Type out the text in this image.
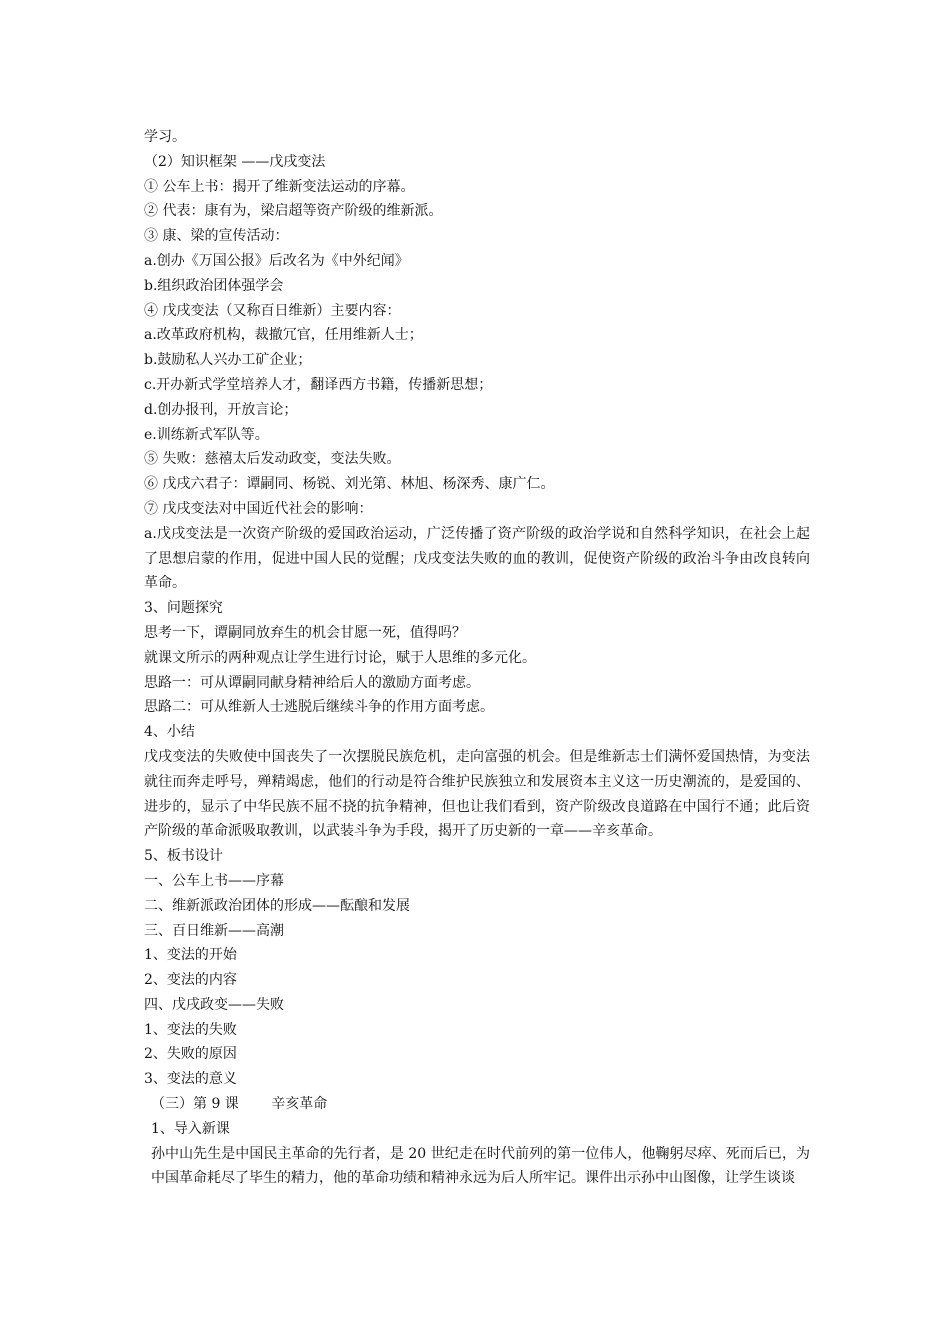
学习。
（2）知识框架 ——戊戌变法
① 公车上书：揭开了维新变法运动的序幕。
② 代表：康有为，梁启超等资产阶级的维新派。
③ 康、梁的宣传活动：
a.创办《万国公报》后改名为《中外纪闻》
b.组织政治团体强学会
④ 戊戌变法（又称百日维新）主要内容：
a.改革政府机构，裁撤冗官，任用维新人士；
b.鼓励私人兴办工矿企业；
c.开办新式学堂培养人才，翻译西方书籍，传播新思想；
d.创办报刊，开放言论；
e.训练新式军队等。
⑤ 失败：慈禧太后发动政变，变法失败。
⑥ 戊戌六君子：谭嗣同、杨锐、刘光第、林旭、杨深秀、康广仁。
⑦ 戊戌变法对中国近代社会的影响：
a.戊戌变法是一次资产阶级的爱国政治运动，广泛传播了资产阶级的政治学说和自然科学知识，在社会上起了思想启蒙的作用，促进中国人民的觉醒；戊戌变法失败的血的教训，促使资产阶级的政治斗争由改良转向革命。
3、问题探究
思考一下，谭嗣同放弃生的机会甘愿一死，值得吗？
就课文所示的两种观点让学生进行讨论，赋于人思维的多元化。
思路一：可从谭嗣同献身精神给后人的激励方面考虑。
思路二：可从维新人士逃脱后继续斗争的作用方面考虑。
4、小结
戊戌变法的失败使中国丧失了一次摆脱民族危机，走向富强的机会。但是维新志士们满怀爱国热情，为变法就往而奔走呼号，殚精竭虑，他们的行动是符合维护民族独立和发展资本主义这一历史潮流的，是爱国的、进步的，显示了中华民族不屈不挠的抗争精神，但也让我们看到，资产阶级改良道路在中国行不通；此后资产阶级的革命派吸取教训，以武装斗争为手段，揭开了历史新的一章——辛亥革命。
5、板书设计
一、公车上书——序幕
二、维新派政治团体的形成——酝酿和发展
三、百日维新——高潮
1、变法的开始
2、变法的内容
四、戊戌政变——失败
1、变法的失败
2、失败的原因
3、变法的意义
（三）第 9 课　　 辛亥革命
1、导入新课
孙中山先生是中国民主革命的先行者，是 20 世纪走在时代前列的第一位伟人，他鞠躬尽瘁、死而后已，为中国革命耗尽了毕生的精力，他的革命功绩和精神永远为后人所牢记。课件出示孙中山图像，让学生谈谈
